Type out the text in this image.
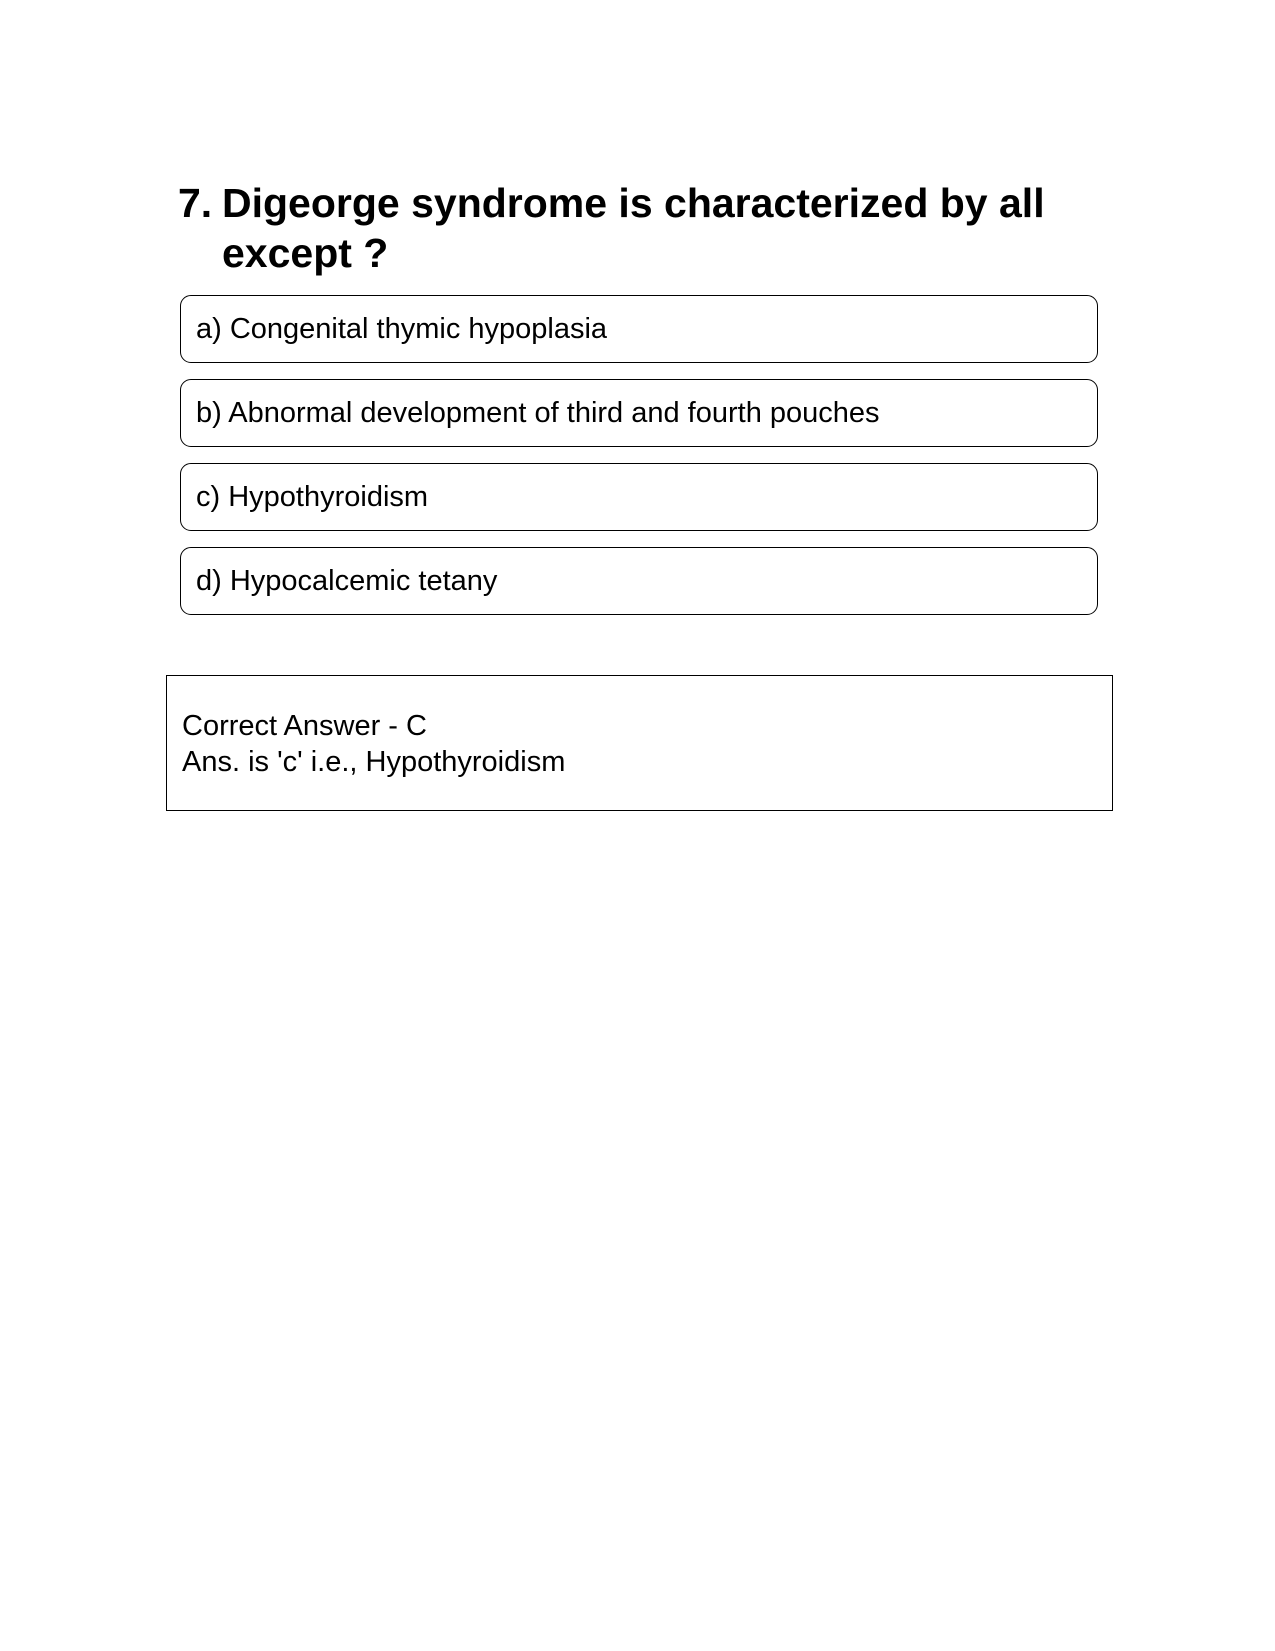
7. Digeorge syndrome is characterized by all except ?
a) Congenital thymic hypoplasia
b) Abnormal development of third and fourth pouches
c) Hypothyroidism
d) Hypocalcemic tetany
Correct Answer - C
Ans. is 'c' i.e., Hypothyroidism
